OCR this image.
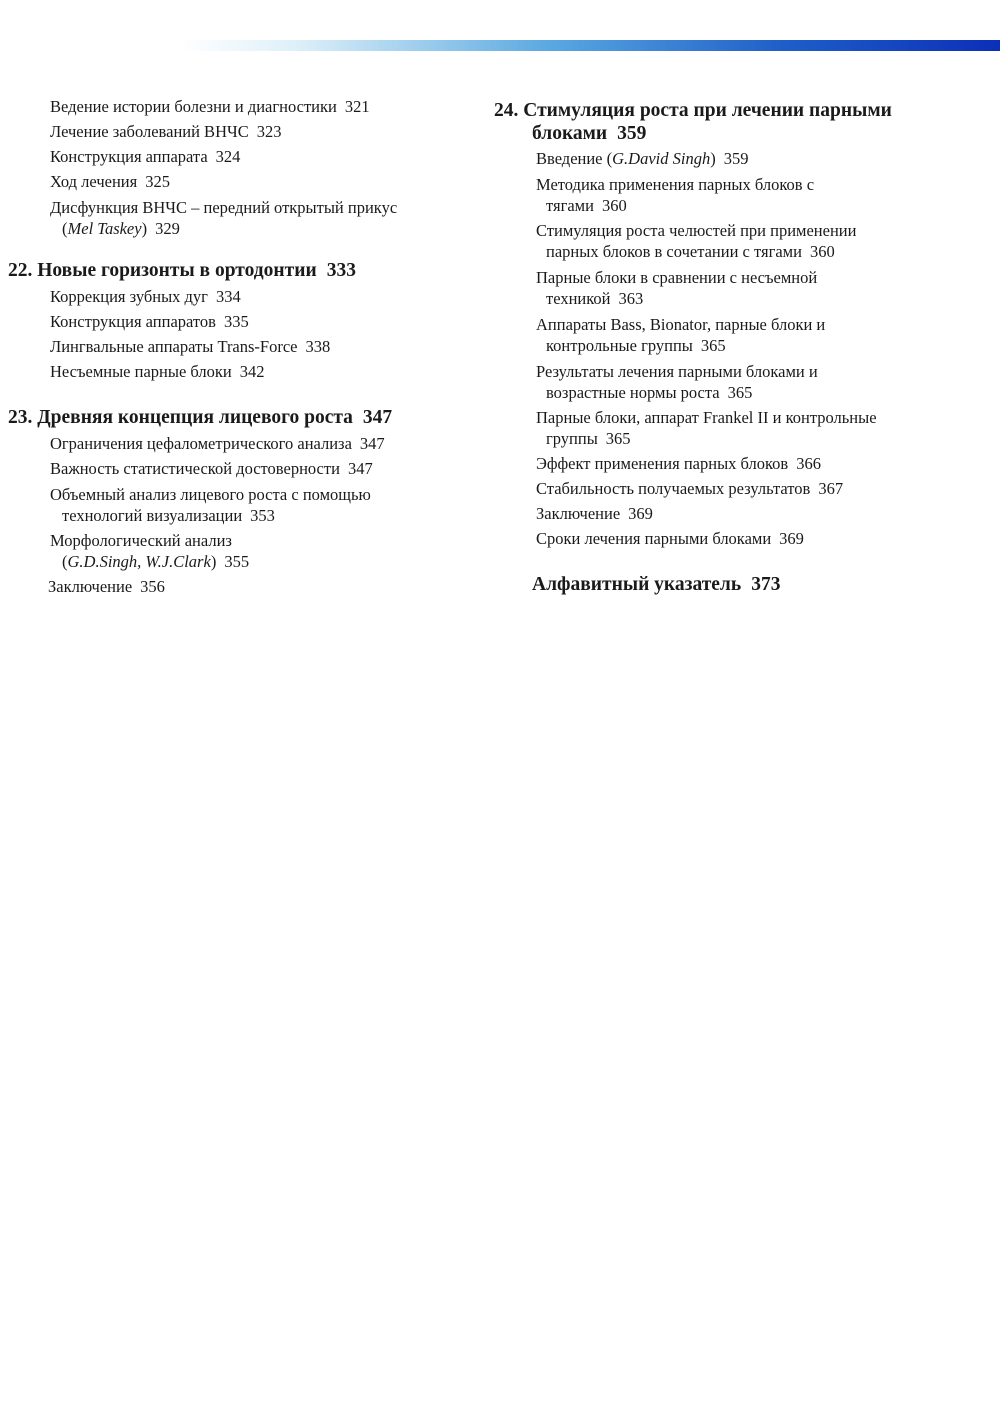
Ведение истории болезни и диагностики 321
Лечение заболеваний ВНЧС 323
Конструкция аппарата 324
Ход лечения 325
Дисфункция ВНЧС – передний открытый прикус
(Mel Taskey) 329
22. Новые горизонты в ортодонтии 333
Коррекция зубных дуг 334
Конструкция аппаратов 335
Лингвальные аппараты Trans-Force 338
Несъемные парные блоки 342
23. Древняя концепция лицевого роста 347
Ограничения цефалометрического анализа 347
Важность статистической достоверности 347
Объемный анализ лицевого роста с помощью
технологий визуализации 353
Морфологический анализ
(G.D.Singh, W.J.Clark) 355
Заключение 356
24. Стимуляция роста при лечении парными
блоками 359
Введение (G.David Singh) 359
Методика применения парных блоков с
тягами 360
Стимуляция роста челюстей при применении
парных блоков в сочетании с тягами 360
Парные блоки в сравнении с несъемной
техникой 363
Аппараты Bass, Bionator, парные блоки и
контрольные группы 365
Результаты лечения парными блоками и
возрастные нормы роста 365
Парные блоки, аппарат Frankel II и контрольные
группы 365
Эффект применения парных блоков 366
Стабильность получаемых результатов 367
Заключение 369
Сроки лечения парными блоками 369
Алфавитный указатель 373
